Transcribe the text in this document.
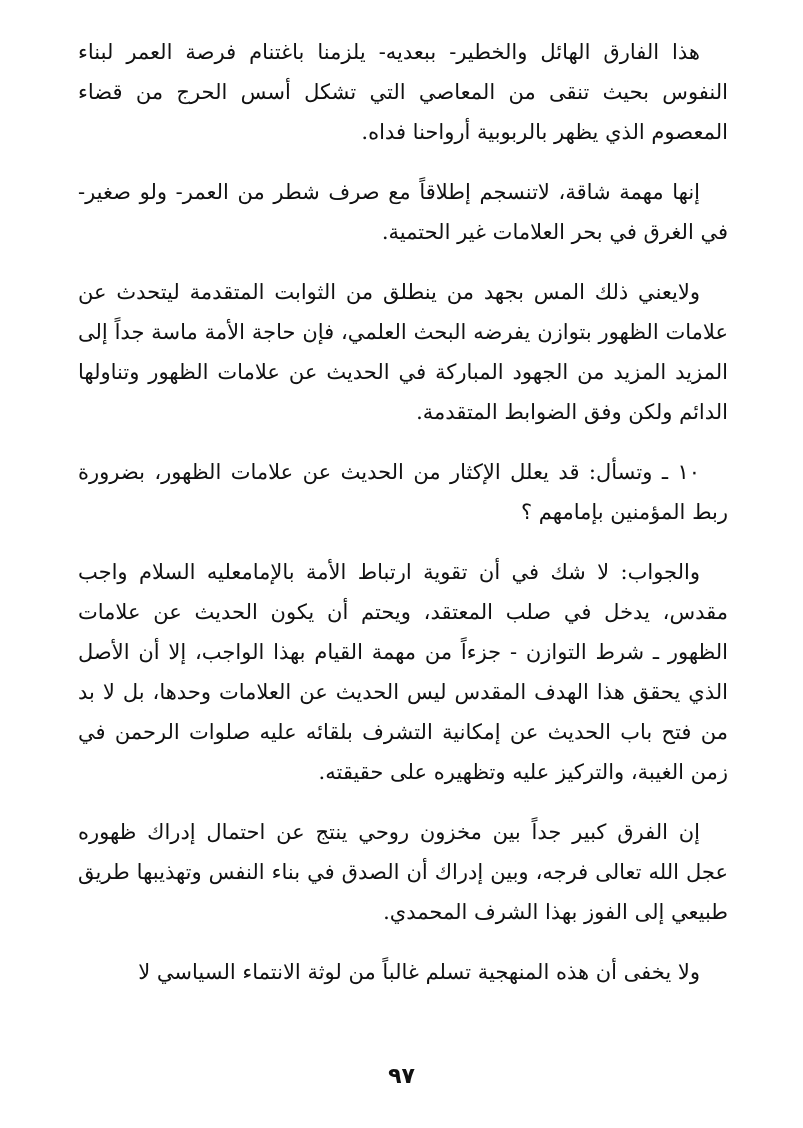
هذا الفارق الهائل والخطير- ببعديه- يلزمنا باغتنام فرصة العمر لبناء النفوس بحيث تنقى من المعاصي التي تشكل أسس الحرج من قضاء المعصوم الذي يظهر بالربوبية أرواحنا فداه.

إنها مهمة شاقة، لاتنسجم إطلاقاً مع صرف شطر من العمر- ولو صغير- في الغرق في بحر العلامات غير الحتمية.

ولايعني ذلك المس بجهد من ينطلق من الثوابت المتقدمة ليتحدث عن علامات الظهور بتوازن يفرضه البحث العلمي، فإن حاجة الأمة ماسة جداً إلى المزيد المزيد من الجهود المباركة في الحديث عن علامات الظهور وتناولها الدائم ولكن وفق الضوابط المتقدمة.

١٠ ـ وتسأل: قد يعلل الإكثار من الحديث عن علامات الظهور، بضرورة ربط المؤمنين بإمامهم ؟

والجواب: لا شك في أن تقوية ارتباط الأمة بالإمام‏عليه السلام واجب مقدس، يدخل في صلب المعتقد، ويحتم أن يكون الحديث عن علامات الظهور ـ شرط التوازن - جزءاً من مهمة القيام بهذا الواجب، إلا أن الأصل الذي يحقق هذا الهدف المقدس ليس الحديث عن العلامات وحدها، بل لا بد من فتح باب الحديث عن إمكانية التشرف بلقائه عليه صلوات الرحمن في زمن الغيبة، والتركيز عليه وتظهيره على حقيقته.

إن الفرق كبير جداً بين مخزون روحي ينتج عن احتمال إدراك ظهوره عجل الله تعالى فرجه، وبين إدراك أن الصدق في بناء النفس وتهذيبها طريق طبيعي إلى الفوز بهذا الشرف المحمدي.

ولا يخفى أن هذه المنهجية تسلم غالباً من لوثة الانتماء السياسي لا

٩٧
